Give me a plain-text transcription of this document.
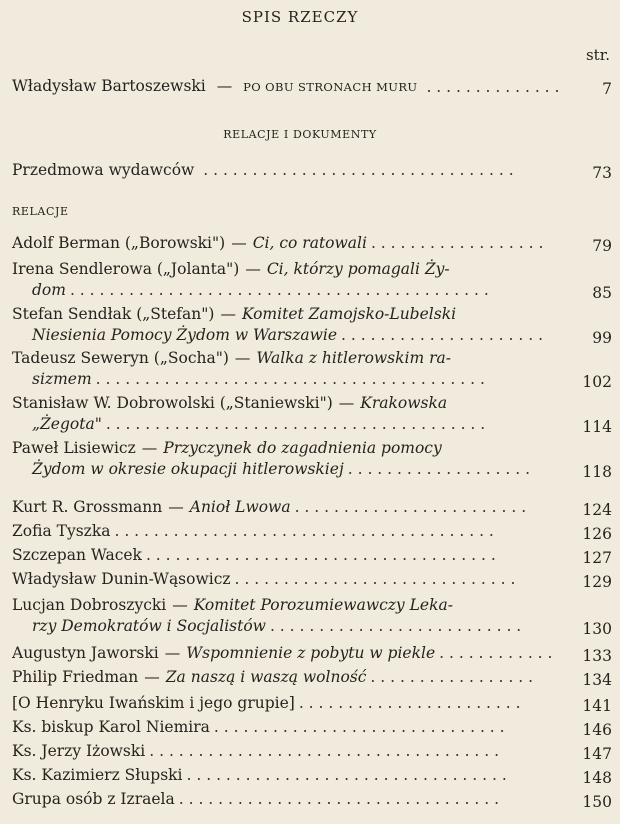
SPIS RZECZY
str.
Władysław Bartoszewski — PO OBU STRONACH MURU . . . . . . . . . . . . . .	7
RELACJE I DOKUMENTY
Przedmowa wydawców . . . . . . . . . . . . . . . . . . . . . . . . . . . . . . . .	73
RELACJE
Adolf Berman („Borowski") — Ci, co ratowali. . . . . . . . . . . . . . . . . .	79
Irena Sendlerowa („Jolanta") — Ci, którzy pomagali Ży-
dom. . . . . . . . . . . . . . . . . . . . . . . . . . . . . . . . . . . . . . . . . . .	85
Stefan Sendłak („Stefan") — Komitet Zamojsko-Lubelski
Niesienia Pomocy Żydom w Warszawie. . . . . . . . . . . . . . . . . . . . .	99
Tadeusz Seweryn („Socha") — Walka z hitlerowskim ra-
sizmem. . . . . . . . . . . . . . . . . . . . . . . . . . . . . . . . . . . . . . . .	102
Stanisław W. Dobrowolski („Staniewski") — Krakowska
„Żegota". . . . . . . . . . . . . . . . . . . . . . . . . . . . . . . . . . . . . . .	114
Paweł Lisiewicz — Przyczynek do zagadnienia pomocy
Żydom w okresie okupacji hitlerowskiej. . . . . . . . . . . . . . . . . . .	118
Kurt R. Grossmann — Anioł Lwowa. . . . . . . . . . . . . . . . . . . . . . . .	124
Zofia Tyszka. . . . . . . . . . . . . . . . . . . . . . . . . . . . . . . . . . . . . . .	126
Szczepan Wacek. . . . . . . . . . . . . . . . . . . . . . . . . . . . . . . . . . . .	127
Władysław Dunin-Wąsowicz. . . . . . . . . . . . . . . . . . . . . . . . . . . . .	129
Lucjan Dobroszycki — Komitet Porozumiewawczy Leka-
rzy Demokratów i Socjalistów. . . . . . . . . . . . . . . . . . . . . . . . . .	130
Augustyn Jaworski — Wspomnienie z pobytu w piekle. . . . . . . . . . . . 133
Philip Friedman — Za naszą i waszą wolność. . . . . . . . . . . . . . . . .	134
[O Henryku Iwańskim i jego grupie]. . . . . . . . . . . . . . . . . . . . . . .	141
Ks. biskup Karol Niemira. . . . . . . . . . . . . . . . . . . . . . . . . . . . . .	146
Ks. Jerzy Iżowski. . . . . . . . . . . . . . . . . . . . . . . . . . . . . . . . . . . .	147
Ks. Kazimierz Słupski. . . . . . . . . . . . . . . . . . . . . . . . . . . . . . . . .	148
Grupa osób z Izraela. . . . . . . . . . . . . . . . . . . . . . . . . . . . . . . . .	150
